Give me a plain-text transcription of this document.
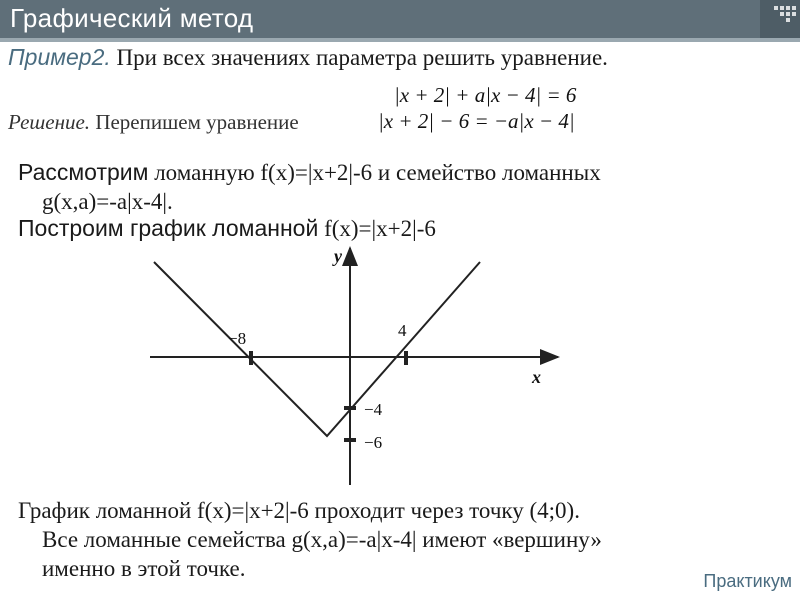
Графический метод
Пример2. При всех значениях параметра решить уравнение.
|x + 2| + a|x − 4| = 6
Решение. Перепишем уравнение	|x + 2| − 6 = −a|x − 4|
Рассмотрим ломанную f(x)=|x+2|-6 и семейство ломанных
g(x,a)=-a|x-4|.
Построим график ломанной f(x)=|x+2|-6
y
x
−8	4
−4
−6
График ломанной f(x)=|x+2|-6 проходит через точку (4;0).
Все ломанные семейства g(x,a)=-a|x-4| имеют «вершину»
именно в этой точке.	Практикум
